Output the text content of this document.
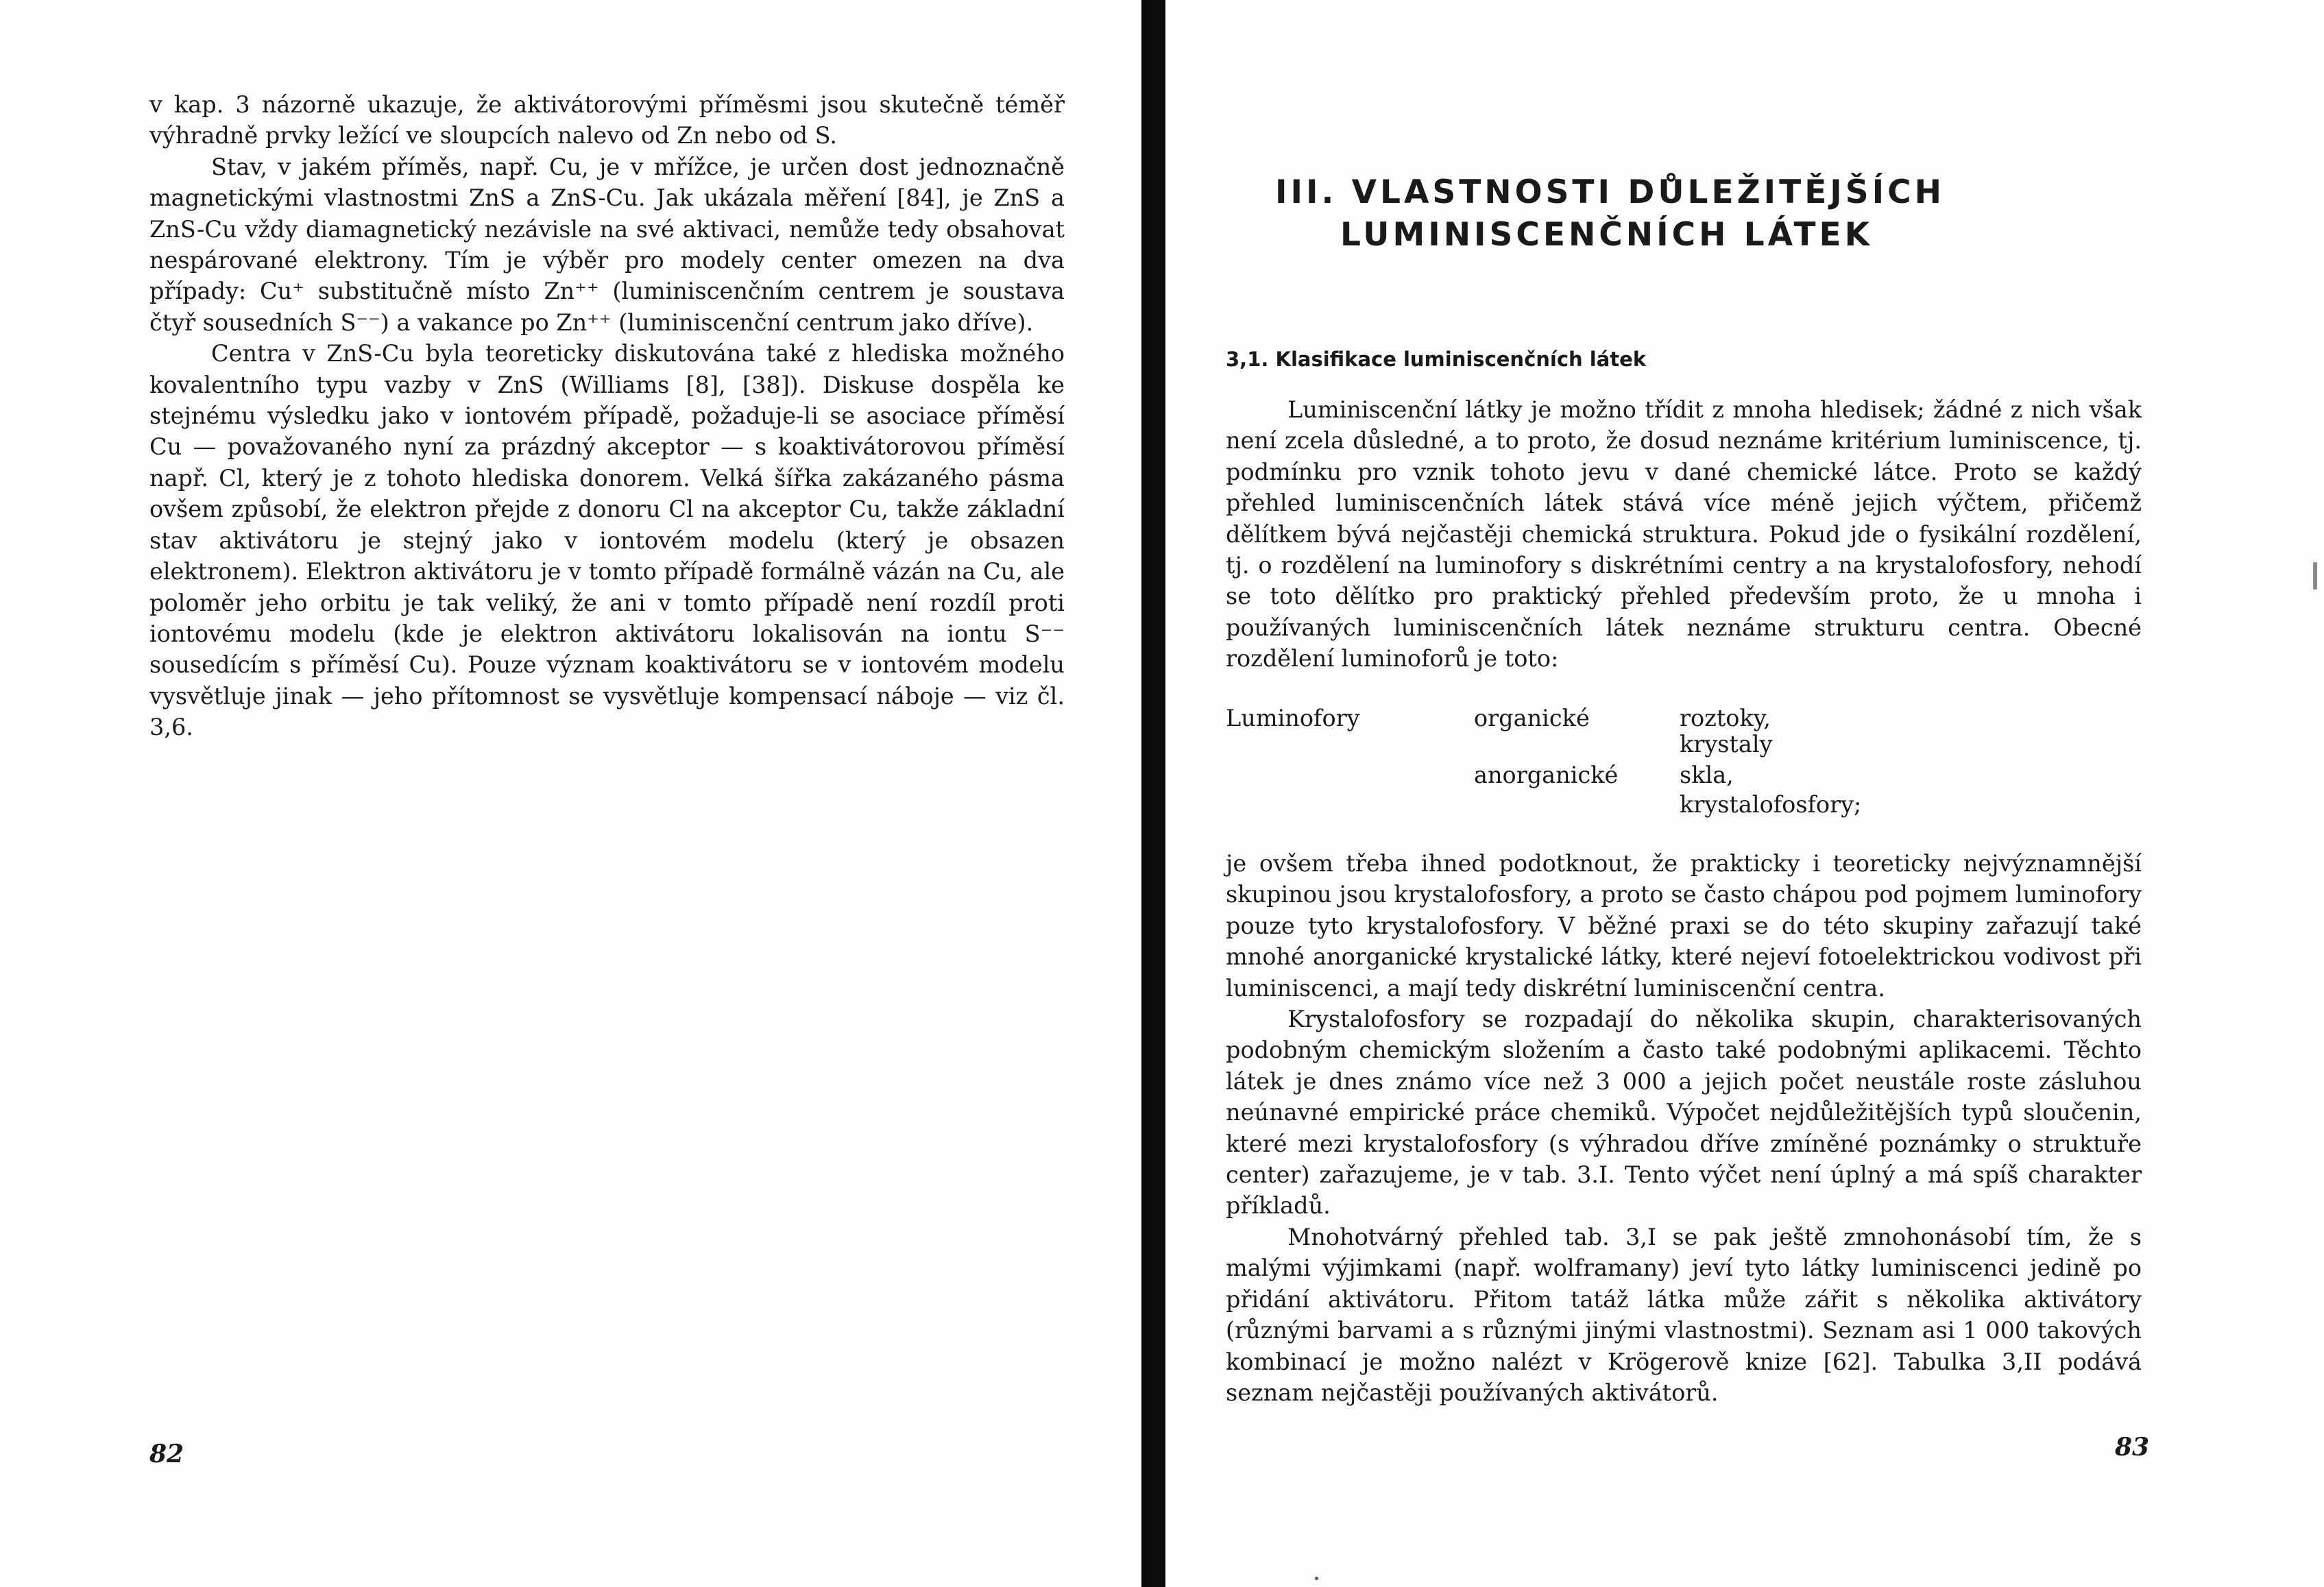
v kap. 3 názorně ukazuje, že aktivátorovými příměsmi jsou skutečně téměř výhradně prvky ležící ve sloupcích nalevo od Zn nebo od S.

Stav, v jakém příměs, např. Cu, je v mřížce, je určen dost jednoznačně magnetickými vlastnostmi ZnS a ZnS-Cu. Jak ukázala měření [84], je ZnS a ZnS-Cu vždy diamagnetický nezávisle na své aktivaci, nemůže tedy obsahovat nespárované elektrony. Tím je výběr pro modely center omezen na dva případy: Cu⁺ substitučně místo Zn⁺⁺ (luminiscenčním centrem je soustava čtyř sousedních S⁻⁻) a vakance po Zn⁺⁺ (luminiscenční centrum jako dříve).

Centra v ZnS-Cu byla teoreticky diskutována také z hlediska možného kovalentního typu vazby v ZnS (Williams [8], [38]). Diskuse dospěla ke stejnému výsledku jako v iontovém případě, požaduje-li se asociace příměsí Cu — považovaného nyní za prázdný akceptor — s koaktivátorovou příměsí např. Cl, který je z tohoto hlediska donorem. Velká šířka zakázaného pásma ovšem způsobí, že elektron přejde z donoru Cl na akceptor Cu, takže základní stav aktivátoru je stejný jako v iontovém modelu (který je obsazen elektronem). Elektron aktivátoru je v tomto případě formálně vázán na Cu, ale poloměr jeho orbitu je tak veliký, že ani v tomto případě není rozdíl proti iontovému modelu (kde je elektron aktivátoru lokalisován na iontu S⁻⁻ sousedícím s příměsí Cu). Pouze význam koaktivátoru se v iontovém modelu vysvětluje jinak — jeho přítomnost se vysvětluje kompensací náboje — viz čl. 3,6.

82
III. VLASTNOSTI DŮLEŽITĚJŠÍCH
LUMINISCENČNÍCH LÁTEK
3,1. Klasifikace luminiscenčních látek

Luminiscenční látky je možno třídit z mnoha hledisek; žádné z nich však není zcela důsledné, a to proto, že dosud neznáme kritérium luminiscence, tj. podmínku pro vznik tohoto jevu v dané chemické látce. Proto se každý přehled luminiscenčních látek stává více méně jejich výčtem, přičemž dělítkem bývá nejčastěji chemická struktura. Pokud jde o fysikální rozdělení, tj. o rozdělení na luminofory s diskrétními centry a na krystalofosfory, nehodí se toto dělítko pro praktický přehled především proto, že u mnoha i používaných luminiscenčních látek neznáme strukturu centra. Obecné rozdělení luminoforů je toto:

Luminofory	organické	roztoky,
krystaly
anorganické	skla,
krystalofosfory;

je ovšem třeba ihned podotknout, že prakticky i teoreticky nejvýznamnější skupinou jsou krystalofosfory, a proto se často chápou pod pojmem luminofory pouze tyto krystalofosfory. V běžné praxi se do této skupiny zařazují také mnohé anorganické krystalické látky, které nejeví fotoelektrickou vodivost při luminiscenci, a mají tedy diskrétní luminiscenční centra.

Krystalofosfory se rozpadají do několika skupin, charakterisovaných podobným chemickým složením a často také podobnými aplikacemi. Těchto látek je dnes známo více než 3 000 a jejich počet neustále roste zásluhou neúnavné empirické práce chemiků. Výpočet nejdůležitějších typů sloučenin, které mezi krystalofosfory (s výhradou dříve zmíněné poznámky o struktuře center) zařazujeme, je v tab. 3.I. Tento výčet není úplný a má spíš charakter příkladů.

Mnohotvárný přehled tab. 3,I se pak ještě zmnohonásobí tím, že s malými výjimkami (např. wolframany) jeví tyto látky luminiscenci jedině po přidání aktivátoru. Přitom tatáž látka může zářit s několika aktivátory (různými barvami a s různými jinými vlastnostmi). Seznam asi 1 000 takových kombinací je možno nalézt v Krögerově knize [62]. Tabulka 3,II podává seznam nejčastěji používaných aktivátorů.

83
